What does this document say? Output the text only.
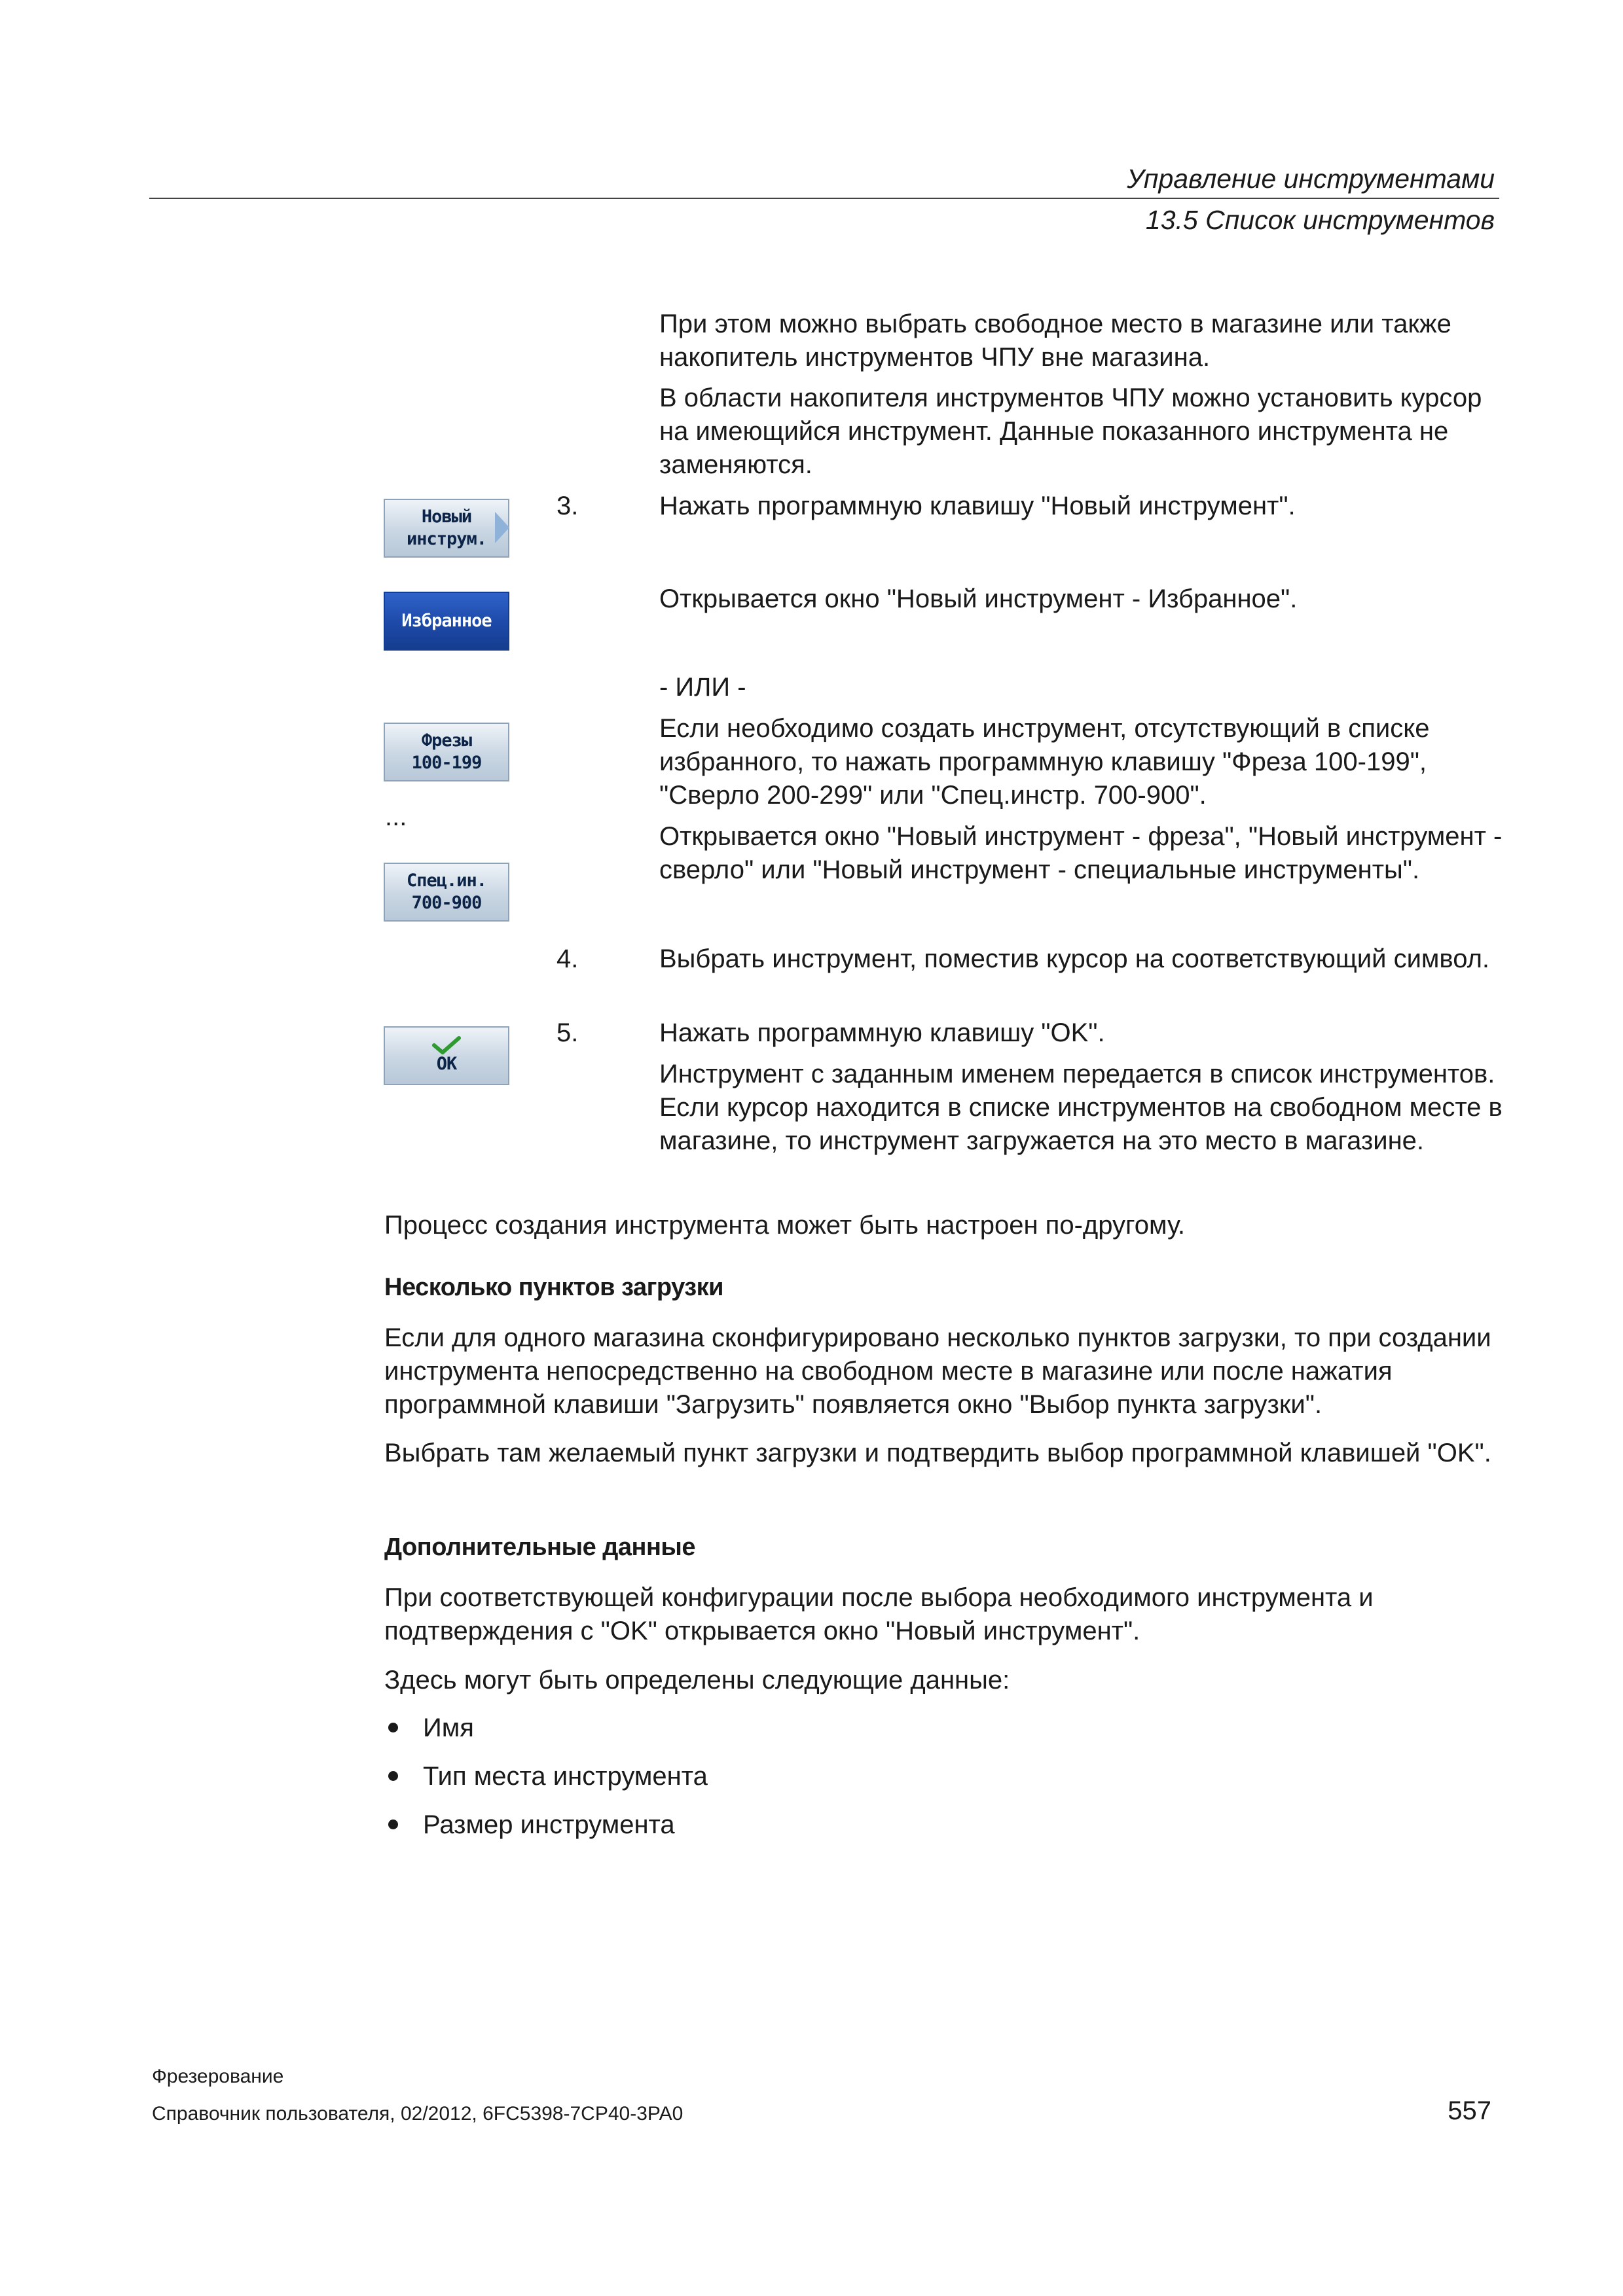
Управление инструментами
13.5 Список инструментов
При этом можно выбрать свободное место в магазине или также накопитель инструментов ЧПУ вне магазина.
В области накопителя инструментов ЧПУ можно установить курсор на имеющийся инструмент. Данные показанного инструмента не заменяются.
Новый
инструм.
3.	Нажать программную клавишу "Новый инструмент".
Избранное
Открывается окно "Новый инструмент - Избранное".
- ИЛИ -
Если необходимо создать инструмент, отсутствующий в списке избранного, то нажать программную клавишу "Фреза 100-199", "Сверло 200-299" или "Спец.инстр. 700-900".
Фрезы
100-199
...
Открывается окно "Новый инструмент - фреза", "Новый инструмент - сверло" или "Новый инструмент - специальные инструменты".
Спец.ин.
700-900
4.	Выбрать инструмент, поместив курсор на соответствующий символ.
OK
5.	Нажать программную клавишу "OK".
Инструмент с заданным именем передается в список инструментов. Если курсор находится в списке инструментов на свободном месте в магазине, то инструмент загружается на это место в магазине.
Процесс создания инструмента может быть настроен по-другому.
Несколько пунктов загрузки
Если для одного магазина сконфигурировано несколько пунктов загрузки, то при создании инструмента непосредственно на свободном месте в магазине или после нажатия программной клавиши "Загрузить" появляется окно "Выбор пункта загрузки".
Выбрать там желаемый пункт загрузки и подтвердить выбор программной клавишей "OK".
Дополнительные данные
При соответствующей конфигурации после выбора необходимого инструмента и подтверждения с "OK" открывается окно "Новый инструмент".
Здесь могут быть определены следующие данные:
Имя
Тип места инструмента
Размер инструмента
Фрезерование
Справочник пользователя, 02/2012, 6FC5398-7CP40-3PA0	557
